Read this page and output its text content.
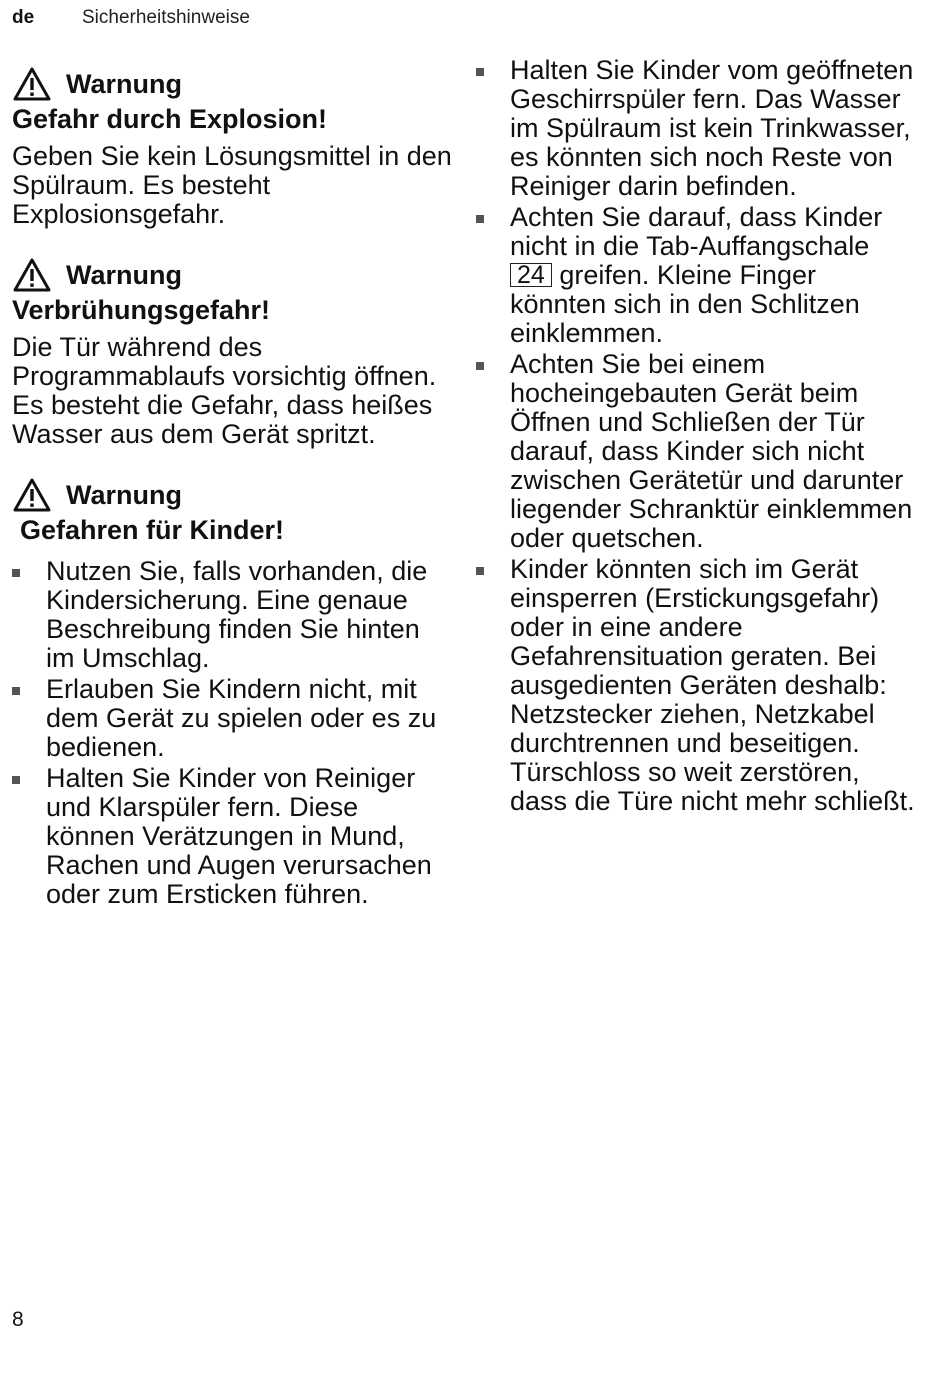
de	Sicherheitshinweise
Warnung
Gefahr durch Explosion!
Geben Sie kein Lösungsmittel in den Spülraum. Es besteht Explosionsgefahr.
Warnung
Verbrühungsgefahr!
Die Tür während des Programmablaufs vorsichtig öffnen. Es besteht die Gefahr, dass heißes Wasser aus dem Gerät spritzt.
Warnung
Gefahren für Kinder!
Nutzen Sie, falls vorhanden, die Kindersicherung. Eine genaue Beschreibung finden Sie hinten im Umschlag.
Erlauben Sie Kindern nicht, mit dem Gerät zu spielen oder es zu bedienen.
Halten Sie Kinder von Reiniger und Klarspüler fern. Diese können Verätzungen in Mund, Rachen und Augen verursachen oder zum Ersticken führen.
Halten Sie Kinder vom geöffneten Geschirrspüler fern. Das Wasser im Spülraum ist kein Trinkwasser, es könnten sich noch Reste von Reiniger darin befinden.
Achten Sie darauf, dass Kinder nicht in die Tab-Auffangschale 24 greifen. Kleine Finger könnten sich in den Schlitzen einklemmen.
Achten Sie bei einem hocheingebauten Gerät beim Öffnen und Schließen der Tür darauf, dass Kinder sich nicht zwischen Gerätetür und darunter liegender Schranktür einklemmen oder quetschen.
Kinder könnten sich im Gerät einsperren (Erstickungsgefahr) oder in eine andere Gefahrensituation geraten. Bei ausgedienten Geräten deshalb: Netzstecker ziehen, Netzkabel durchtrennen und beseitigen. Türschloss so weit zerstören, dass die Türe nicht mehr schließt.
8
